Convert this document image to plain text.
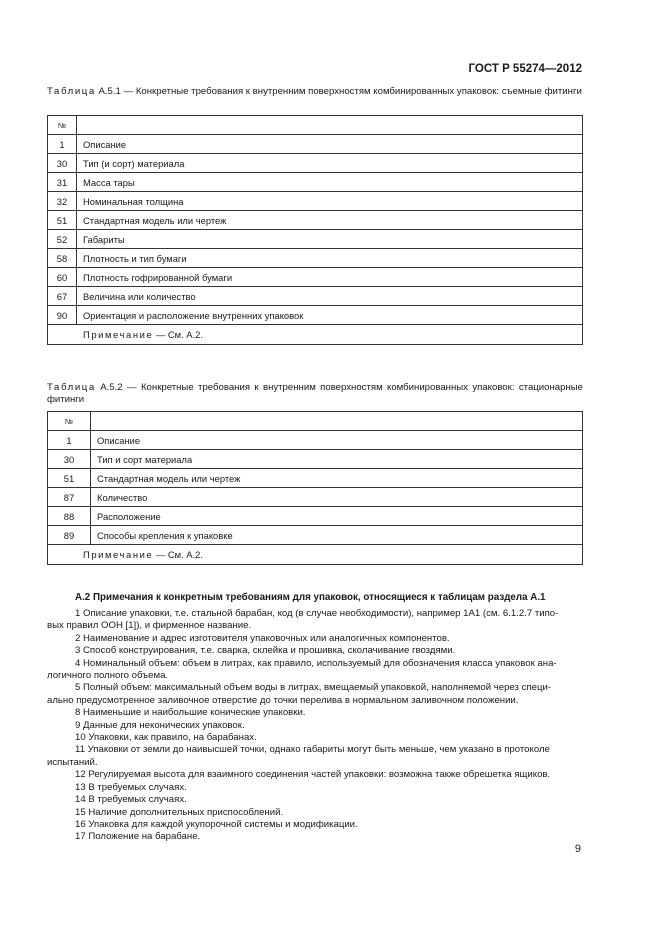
ГОСТ Р 55274—2012
Таблица А.5.1 — Конкретные требования к внутренним поверхностям комбинированных упаковок: съемные фитинги
№	
1	Описание
30	Тип (и сорт) материала
31	Масса тары
32	Номинальная толщина
51	Стандартная модель или чертеж
52	Габариты
58	Плотность и тип бумаги
60	Плотность гофрированной бумаги
67	Величина или количество
90	Ориентация и расположение внутренних упаковок
Примечание — См. А.2.	
Таблица А.5.2 — Конкретные требования к внутренним поверхностям комбинированных упаковок: стационарные фитинги
№	
1	Описание
30	Тип и сорт материала
51	Стандартная модель или чертеж
87	Количество
88	Расположение
89	Способы крепления к упаковке
Примечание — См. А.2.	
А.2 Примечания к конкретным требованиям для упаковок, относящиеся к таблицам раздела А.1

1 Описание упаковки, т.е. стальной барабан, код (в случае необходимости), например 1А1 (см. 6.1.2.7 типо-

вых правил ООН [1]), и фирменное название.

2 Наименование и адрес изготовителя упаковочных или аналогичных компонентов.

3 Способ конструирования, т.е. сварка, склейка и прошивка, сколачивание гвоздями.

4 Номинальный объем: объем в литрах, как правило, используемый для обозначения класса упаковок ана-

логичного полного объема.

5 Полный объем: максимальный объем воды в литрах, вмещаемый упаковкой, наполняемой через специ-

ально предусмотренное заливочное отверстие до точки перелива в нормальном заливочном положении.

8 Наименьшие и наибольшие конические упаковки.

9 Данные для неконических упаковок.

10 Упаковки, как правило, на барабанах.

11 Упаковки от земли до наивысшей точки, однако габариты могут быть меньше, чем указано в протоколе

испытаний.

12 Регулируемая высота для взаимного соединения частей упаковки: возможна также обрешетка ящиков.

13 В требуемых случаях.

14 В требуемых случаях.

15 Наличие дополнительных приспособлений.

16 Упаковка для каждой укупорочной системы и модификации.

17 Положение на барабане.

9
